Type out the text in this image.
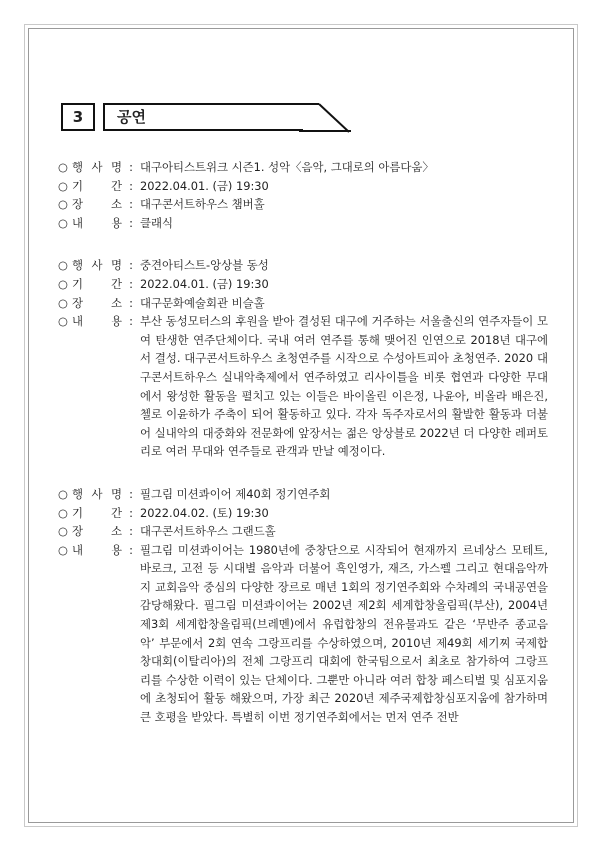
3	공연
○ 행 사 명 : 대구아티스트위크 시즌1. 성악〈음악, 그대로의 아름다움〉
○ 기 간 : 2022.04.01. (금) 19:30
○ 장 소 : 대구콘서트하우스 챔버홀
○ 내 용 : 클래식
○ 행 사 명 : 중견아티스트-앙상블 동성
○ 기 간 : 2022.04.01. (금) 19:30
○ 장 소 : 대구문화예술회관 비슬홀
○ 내 용 : 부산 동성모터스의 후원을 받아 결성된 대구에 거주하는 서울출신의 연주자들이 모여 탄생한 연주단체이다. 국내 여러 연주를 통해 맺어진 인연으로 2018년 대구에서 결성. 대구콘서트하우스 초청연주를 시작으로 수성아트피아 초청연주. 2020 대구콘서트하우스 실내악축제에서 연주하였고 리사이틀을 비롯 협연과 다양한 무대에서 왕성한 활동을 펼치고 있는 이들은 바이올린 이은정, 나윤아, 비올라 배은진, 첼로 이윤하가 주축이 되어 활동하고 있다. 각자 독주자로서의 활발한 활동과 더불어 실내악의 대중화와 전문화에 앞장서는 젊은 앙상블로 2022년 더 다양한 레퍼토리로 여러 무대와 연주들로 관객과 만날 예정이다.
○ 행 사 명 : 필그림 미션콰이어 제40회 정기연주회
○ 기 간 : 2022.04.02. (토) 19:30
○ 장 소 : 대구콘서트하우스 그랜드홀
○ 내 용 : 필그림 미션콰이어는 1980년에 중창단으로 시작되어 현재까지 르네상스 모테트, 바로크, 고전 등 시대별 음악과 더불어 흑인영가, 재즈, 가스펠 그리고 현대음악까지 교회음악 중심의 다양한 장르로 매년 1회의 정기연주회와 수차례의 국내공연을 감당해왔다. 필그림 미션콰이어는 2002년 제2회 세계합창올림픽(부산), 2004년 제3회 세계합창올림픽(브레멘)에서 유럽합창의 전유물과도 같은 ‘무반주 종교음악’ 부문에서 2회 연속 그랑프리를 수상하였으며, 2010년 제49회 세기찌 국제합창대회(이탈리아)의 전체 그랑프리 대회에 한국팀으로서 최초로 참가하여 그랑프리를 수상한 이력이 있는 단체이다. 그뿐만 아니라 여러 합창 페스티벌 및 심포지움에 초청되어 활동 해왔으며, 가장 최근 2020년 제주국제합창심포지움에 참가하며 큰 호평을 받았다. 특별히 이번 정기연주회에서는 먼저 연주 전반
